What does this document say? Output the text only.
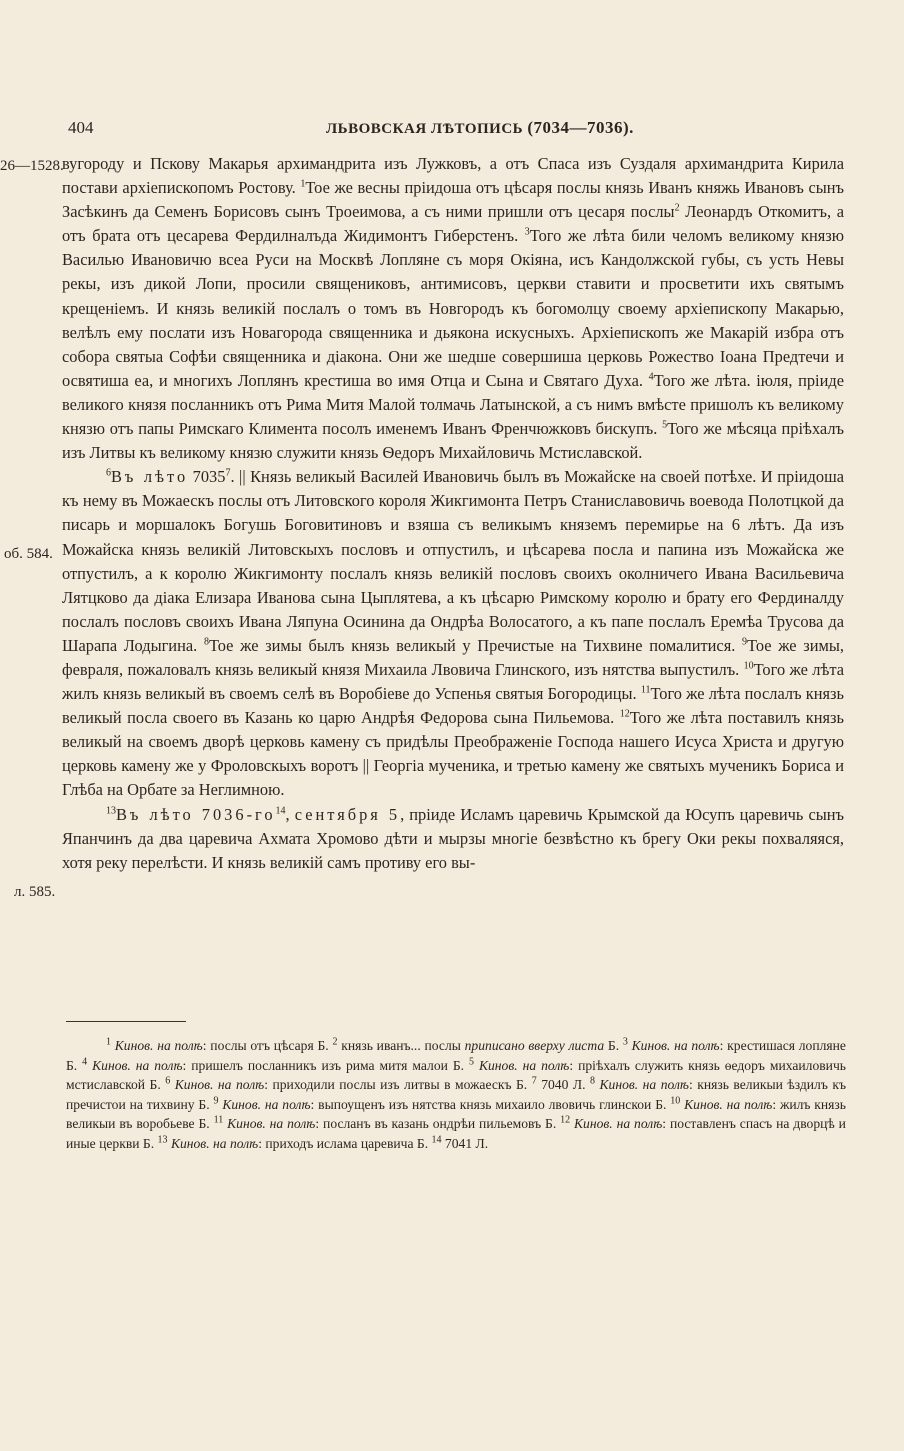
404	ЛЬВОВСКАЯ ЛѢТОПИСЬ (7034—7036).
26—1528.
об. 584.
л. 585.

вугороду и Пскову Макарья архимандрита изъ Лужковъ, а отъ Спаса изъ Суздаля архимандрита Кирила постави архіепископомъ Ростову. $^1$Тое же весны пріидоша отъ цѣсаря послы князь Иванъ княжь Ивановъ сынъ Засѣкинъ да Семенъ Борисовъ сынъ Троеимова, а съ ними пришли отъ цесаря послы$^2$ Леонардъ Откомитъ, а отъ брата отъ цесарева Фердилналъда Жидимонтъ Гиберстенъ. $^3$Того же лѣта били челомъ великому князю Василью Ивановичю всеа Руси на Москвѣ Лопляне съ моря Окіяна, исъ Кандолжской губы, съ усть Невы рекы, изъ дикой Лопи, просили священиковъ, антимисовъ, церкви ставити и просветити ихъ святымъ крещеніемъ. И князь великій послалъ о томъ въ Новгородъ къ богомолцу своему архіепископу Макарью, велѣлъ ему послати изъ Новагорода священника и дьякона искусныхъ. Архіепископъ же Макарій избра отъ собора святыа Софѣи священника и діакона. Они же шедше совершиша церковь Рожество Іоана Предтечи и освятиша еа, и многихъ Лоплянъ крестиша во имя Отца и Сына и Святаго Духа. $^4$Того же лѣта. іюля, пріиде великого князя посланникъ отъ Рима Митя Малой толмачь Латынской, а съ нимъ вмѣсте пришолъ къ великому князю отъ папы Римскаго Климента посолъ именемъ Иванъ Френчюжковъ бискупъ. $^5$Того же мѣсяца пріѣхалъ изъ Литвы къ великому князю служити князь Ѳедоръ Михайловичь Мстиславской.

$^6$Въ лѣто 7035$^7$. || Князь великый Василей Ивановичь былъ въ Можайске на своей потѣхе. И пріидоша къ нему въ Можаескъ послы отъ Литовского короля Жикгимонта Петръ Станиславовичь воевода Полотцкой да писарь и моршалокъ Богушь Боговитиновъ и взяша съ великымъ княземъ перемирье на 6 лѣтъ. Да изъ Можайска князь великій Литовскыхъ пословъ и отпустилъ, и цѣсарева посла и папина изъ Можайска же отпустилъ, а к королю Жикгимонту послалъ князь великій пословъ своихъ околничего Ивана Васильевича Лятцково да діака Елизара Иванова сына Цыплятева, а къ цѣсарю Римскому королю и брату его Фердиналду послалъ пословъ своихъ Ивана Ляпуна Осинина да Ондрѣа Волосатого, а къ папе послалъ Еремѣа Трусова да Шарапа Лодыгина. $^8$Тое же зимы былъ князь великый у Пречистые на Тихвине помалитися. $^9$Тое же зимы, февраля, пожаловалъ князь великый князя Михаила Лвовича Глинского, изъ нятства выпустилъ. $^{10}$Того же лѣта жилъ князь великый въ своемъ селѣ въ Воробіеве до Успенья святыя Богородицы. $^{11}$Того же лѣта послалъ князь великый посла своего въ Казань ко царю Андрѣя Федорова сына Пильемова. $^{12}$Того же лѣта поставилъ князь великый на своемъ дворѣ церковь камену съ придѣлы Преображеніе Господа нашего Исуса Христа и другую церковь камену же у Фроловскыхъ воротъ || Георгіа мученика, и третью камену же святыхъ мученикъ Бориса и Глѣба на Орбате за Неглимною.

$^{13}$Въ лѣто $7036-го^{14}$, сентября 5, пріиде Исламъ царевичь Крымской да Юсупъ царевичь сынъ Япанчинъ да два царевича Ахмата Хромово дѣти и мырзы многіе безвѣстно къ брегу Оки рекы похваляяся, хотя реку перелѣсти. И князь великій самъ противу его вы-

$^1$ Кинов. на полѣ: послы отъ цѣсаря Б. $^2$ князь иванъ... послы приписано вверху листа Б. $^3$ Кинов. на полѣ: крестишася лопляне Б. $^4$ Кинов. на полѣ: пришелъ посланникъ изъ рима митя малои Б. $^5$ Кинов. на полѣ: пріѣхалъ служить князь ѳедоръ михаиловичь мстиславской Б. $^6$ Кинов. на полѣ: приходили послы изъ литвы в можаескъ Б. $^7$ 7040 Л. $^8$ Кинов. на полѣ: князь великыи ѣздилъ къ пречистои на тихвину Б. $^9$ Кинов. на полѣ: выпоущенъ изъ нятства князь михаило лвовичь глинскои Б. $^{10}$ Кинов. на полѣ: жилъ князь великыи въ воробьеве Б. $^{11}$ Кинов. на полѣ: посланъ въ казань ондрѣи пильемовъ Б. $^{12}$ Кинов. на полѣ: поставленъ спасъ на дворцѣ и иные церкви Б. $^{13}$ Кинов. на полѣ: приходъ ислама царевича Б. $^{14}$ 7041 Л.
